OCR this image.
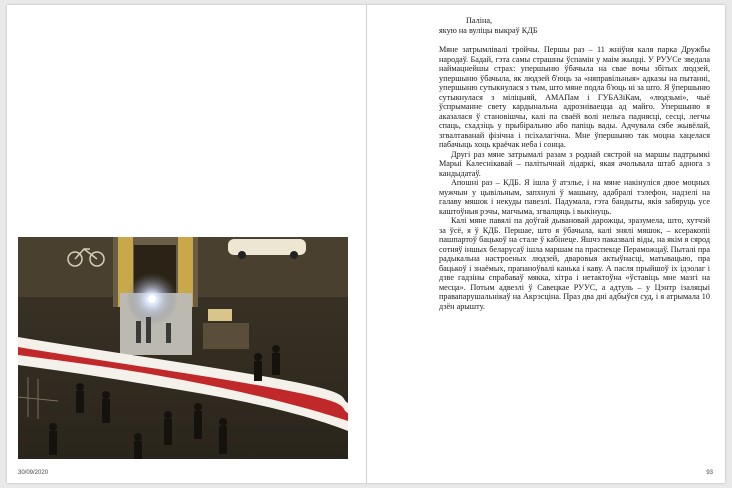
30/09/2020
Паліна,
якую на вуліцы выкраў КДБ

Мяне затрымлівалі тройчы. Першы раз – 11 жніўня каля парка Дружбы народаў. Бадай, гэта самы страшны ўспамін у маім жыцці. У РУУСе зведала наймацнейшы страх: упершыню ўбачыла на сваe вочы збітых людзей, упершыню ўбачыла, як людзей б'юць за «няправільныя» адказы на пытанні, упершыню сутыкнулася з тым, што мяне подла б'юць ні за што. Я ўпершыню сутыкнулася з міліцыяй, АМАПам і ГУБАЗіКам, «людзьмі», чыё ўспрыманне свету кардынальна адрозніваецца ад майго. Упершыню я аказалася ў становішчы, калі па сваёй волі нельга паднясці, сесці, легчы спаць, схадзіць у прыбіральню або папіць вады. Адчувала сябе жывёлай, згвалтаванай фізічна і псіхалагічна. Мне ўпершыню так моцна хацелася пабачыць хоць краёчак неба і сонца.

Другі раз мяне затрымалі разам з роднай сястрой на маршы падтрымкі Марыі Калеснікавай – палітычнай лідаркі, якая ачольвала штаб аднога з кандыдатаў.

Апошні раз – КДБ. Я ішла ў атэлье, і на мяне накінуліся двое моцных мужчын у цывільным, запхнулі ў машыну, адабралі тэлефон, надзелі на галаву мяшок і некуды павезлі. Падумала, гэта бандыты, якія забяруць усе каштоўныя рэчы, магчыма, згвалцяць і выкінуць.

Калі мяне павялі па доўгай дывановай дарожцы, зразумела, што, хутчэй за ўсё, я ў КДБ. Першае, што я ўбачыла, калі знялі мяшок, – ксеракопіі пашпартоў бацькоў на стале ў кабінеце. Яшчэ паказвалі віды, на якім я сярод сотняў іншых беларусаў ішла маршам па праспекце Пераможцаў. Пыталі пра радыкальна настроеных людзей, дваровыя актыўнасці, матывацыю, пра бацькоў і знаёмых, прапаноўвалі канька і каву. А пасля прыйшоў іх ідэолаг і дзве гадзіны спрабаваў мякка, хітра і нетактоўна «ўставіць мне мазгі на месца». Потым адвезлі ў Савецкае РУУС, а адтуль – у Цэнтр ізаляцыі правапарушальнікаў на Акрэсціна. Праз два дні адбыўся суд, і я атрымала 10 дзён арышту.

93
